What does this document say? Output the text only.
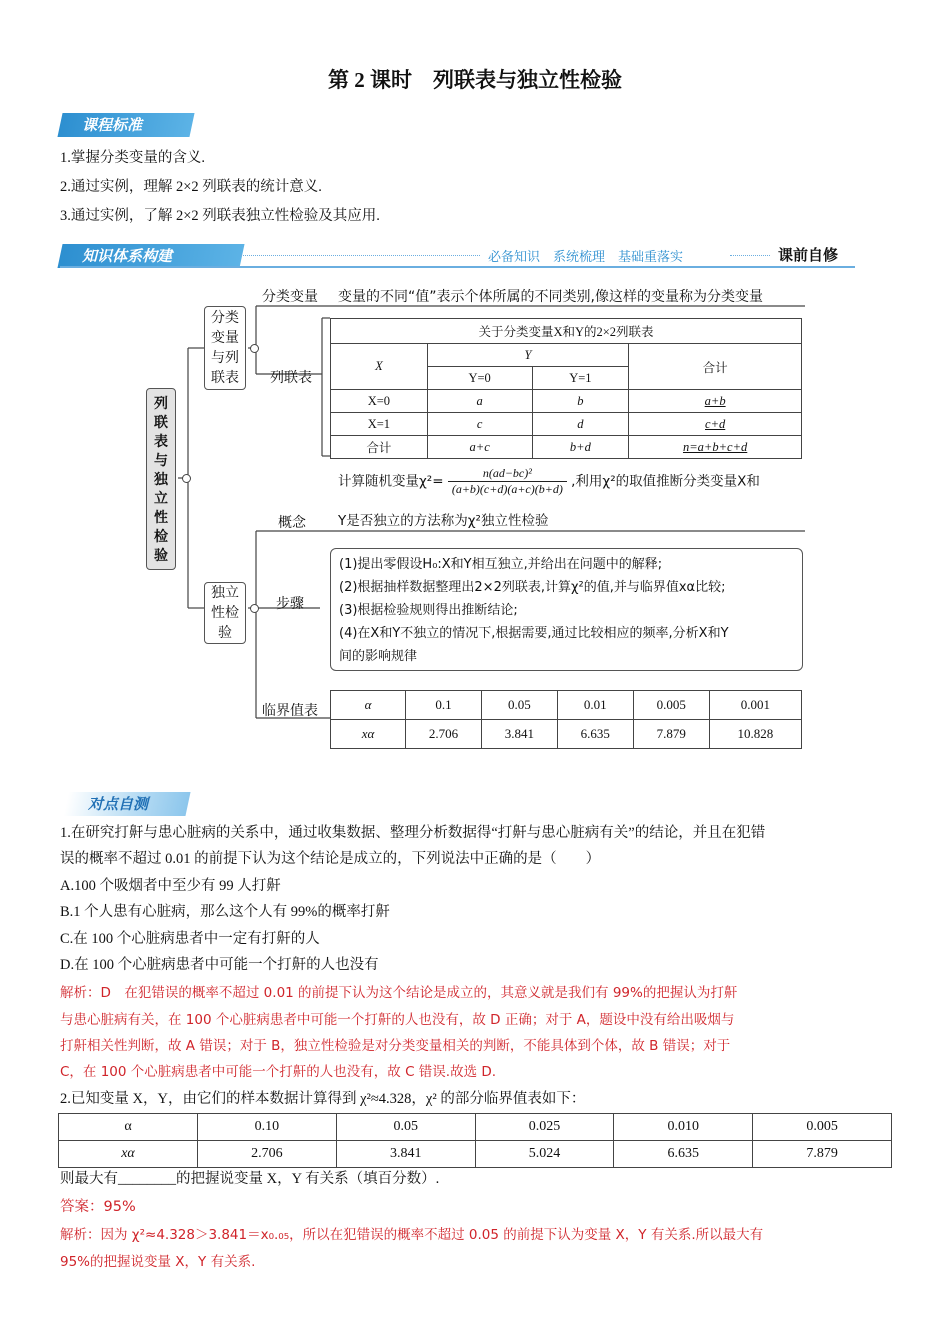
第 2 课时　列联表与独立性检验
课程标准
1.掌握分类变量的含义.
2.通过实例，理解 2×2 列联表的统计意义.
3.通过实例，了解 2×2 列联表独立性检验及其应用.
知识体系构建	必备知识　系统梳理　基础重落实	课前自修
列联表与独立性检验
分类变量与列联表
分类变量 变量的不同“值”表示个体所属的不同类别,像这样的变量称为分类变量
列联表
关于分类变量X和Y的2×2列联表			
X	Y		合计
	Y=0	Y=1	
X=0	a	b	a+b
X=1	c	d	c+d
合计	a+c	b+d	n=a+b+c+d
计算随机变量$\chi^2= \frac{\text{n(ad−bc)²}}{(a+b)(c+d)(a+c)(b+d)}$ ,利用χ²的取值推断分类变量X和
Y是否独立的方法称为χ²独立性检验
独立性检验
概念
步骤
(1)提出零假设H₀:X和Y相互独立,并给出在问题中的解释;
(2)根据抽样数据整理出2×2列联表,计算χ²的值,并与临界值xα比较;
(3)根据检验规则得出推断结论;
(4)在X和Y不独立的情况下,根据需要,通过比较相应的频率,分析X和Y
间的影响规律
临界值表	α	0.1	0.05	0.01	0.005	0.001
xα	2.706	3.841	6.635	7.879	10.828
对点自测
1.在研究打鼾与患心脏病的关系中，通过收集数据、整理分析数据得“打鼾与患心脏病有关”的结论，并且在犯错
误的概率不超过 0.01 的前提下认为这个结论是成立的，下列说法中正确的是（　　）
A.100 个吸烟者中至少有 99 人打鼾
B.1 个人患有心脏病，那么这个人有 99%的概率打鼾
C.在 100 个心脏病患者中一定有打鼾的人
D.在 100 个心脏病患者中可能一个打鼾的人也没有
解析：D　在犯错误的概率不超过 0.01 的前提下认为这个结论是成立的，其意义就是我们有 99%的把握认为打鼾
与患心脏病有关，在 100 个心脏病患者中可能一个打鼾的人也没有，故 D 正确；对于 A，题设中没有给出吸烟与
打鼾相关性判断，故 A 错误；对于 B，独立性检验是对分类变量相关的判断，不能具体到个体，故 B 错误；对于
C，在 100 个心脏病患者中可能一个打鼾的人也没有，故 C 错误.故选 D.
2.已知变量 X，Y，由它们的样本数据计算得到 χ²≈4.328，χ² 的部分临界值表如下：
α	0.10	0.05	0.025	0.010	0.005
xα	2.706	3.841	5.024	6.635	7.879
则最大有________的把握说变量 X，Y 有关系（填百分数）.
答案：95%
解析：因为 χ²≈4.328＞3.841＝x₀.₀₅，所以在犯错误的概率不超过 0.05 的前提下认为变量 X，Y 有关系.所以最大有
95%的把握说变量 X，Y 有关系.
